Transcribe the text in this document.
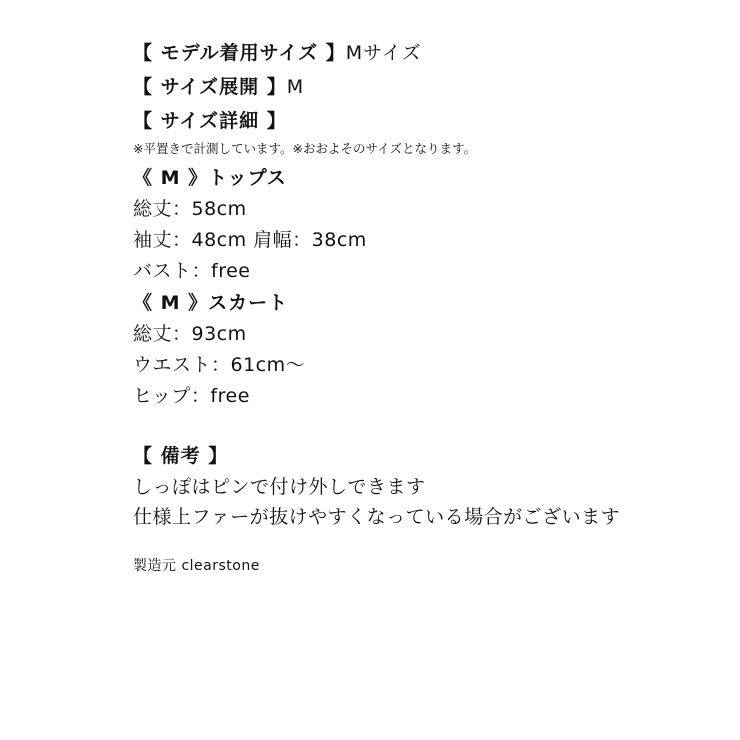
【 モデル着用サイズ 】Mサイズ
【 サイズ展開 】M
【 サイズ詳細 】
※平置きで計測しています。※おおよそのサイズとなります。
《 M 》トップス
総丈：58cm
袖丈：48cm 肩幅：38cm
バスト：free
《 M 》スカート
総丈：93cm
ウエスト：61cm～
ヒップ：free
【 備考 】
しっぽはピンで付け外しできます
仕様上ファーが抜けやすくなっている場合がございます
製造元 clearstone
